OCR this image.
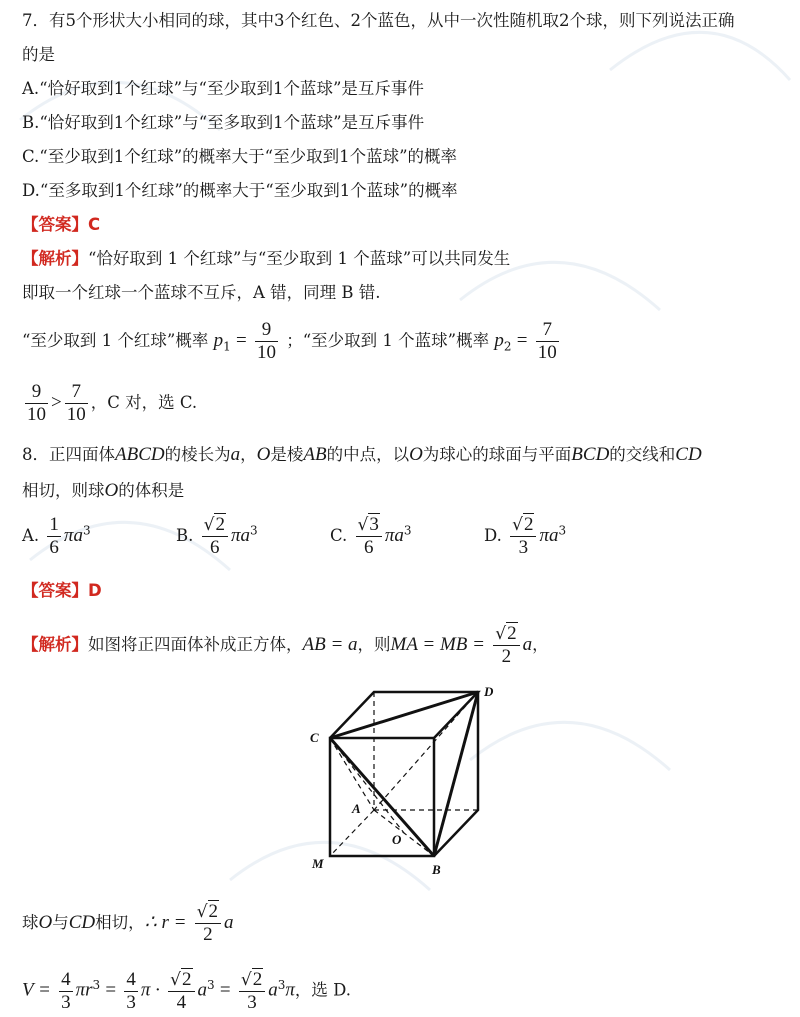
7．有5个形状大小相同的球，其中3个红色、2个蓝色，从中一次性随机取2个球，则下列说法正确
的是
A.“恰好取到1个红球”与“至少取到1个蓝球”是互斥事件
B.“恰好取到1个红球”与“至多取到1个蓝球”是互斥事件
C.“至少取到1个红球”的概率大于“至少取到1个蓝球”的概率
D.“至多取到1个红球”的概率大于“至少取到1个蓝球”的概率
【答案】C
【解析】“恰好取到 1 个红球”与“至少取到 1 个蓝球”可以共同发生
即取一个红球一个蓝球不互斥，A 错，同理 B 错.
“至少取到 1 个红球”概率 $p_1 = \frac{9}{10}$ ；“至少取到 1 个蓝球”概率 $p_2 = \frac{7}{10}$
$\frac{9}{10} > \frac{7}{10}$ ，C 对，选 C.
8．正四面体ABCD的棱长为a，O是棱AB的中点，以O为球心的球面与平面BCD的交线和CD
相切，则球O的体积是
A. $\frac{1}{6} \pi a^3$	B. $\frac{√2}{6} \pi a^3$	C. $\frac{√3}{6} \pi a^3$	D. $\frac{√2}{3} \pi a^3$
【答案】D
【解析】如图将正四面体补成正方体，AB = a，则MA = MB = $\frac{√2}{2}$ a，
D
C
A
O
M	B
球O与CD相切，∴ $r = \frac{√2}{2}$ a
$V = \frac{4}{3} \pi r^3 = \frac{4}{3}$ $\pi \cdot \frac{√2}{4} a^3 = \frac{√2}{3} a^3\pi$，选 D.
